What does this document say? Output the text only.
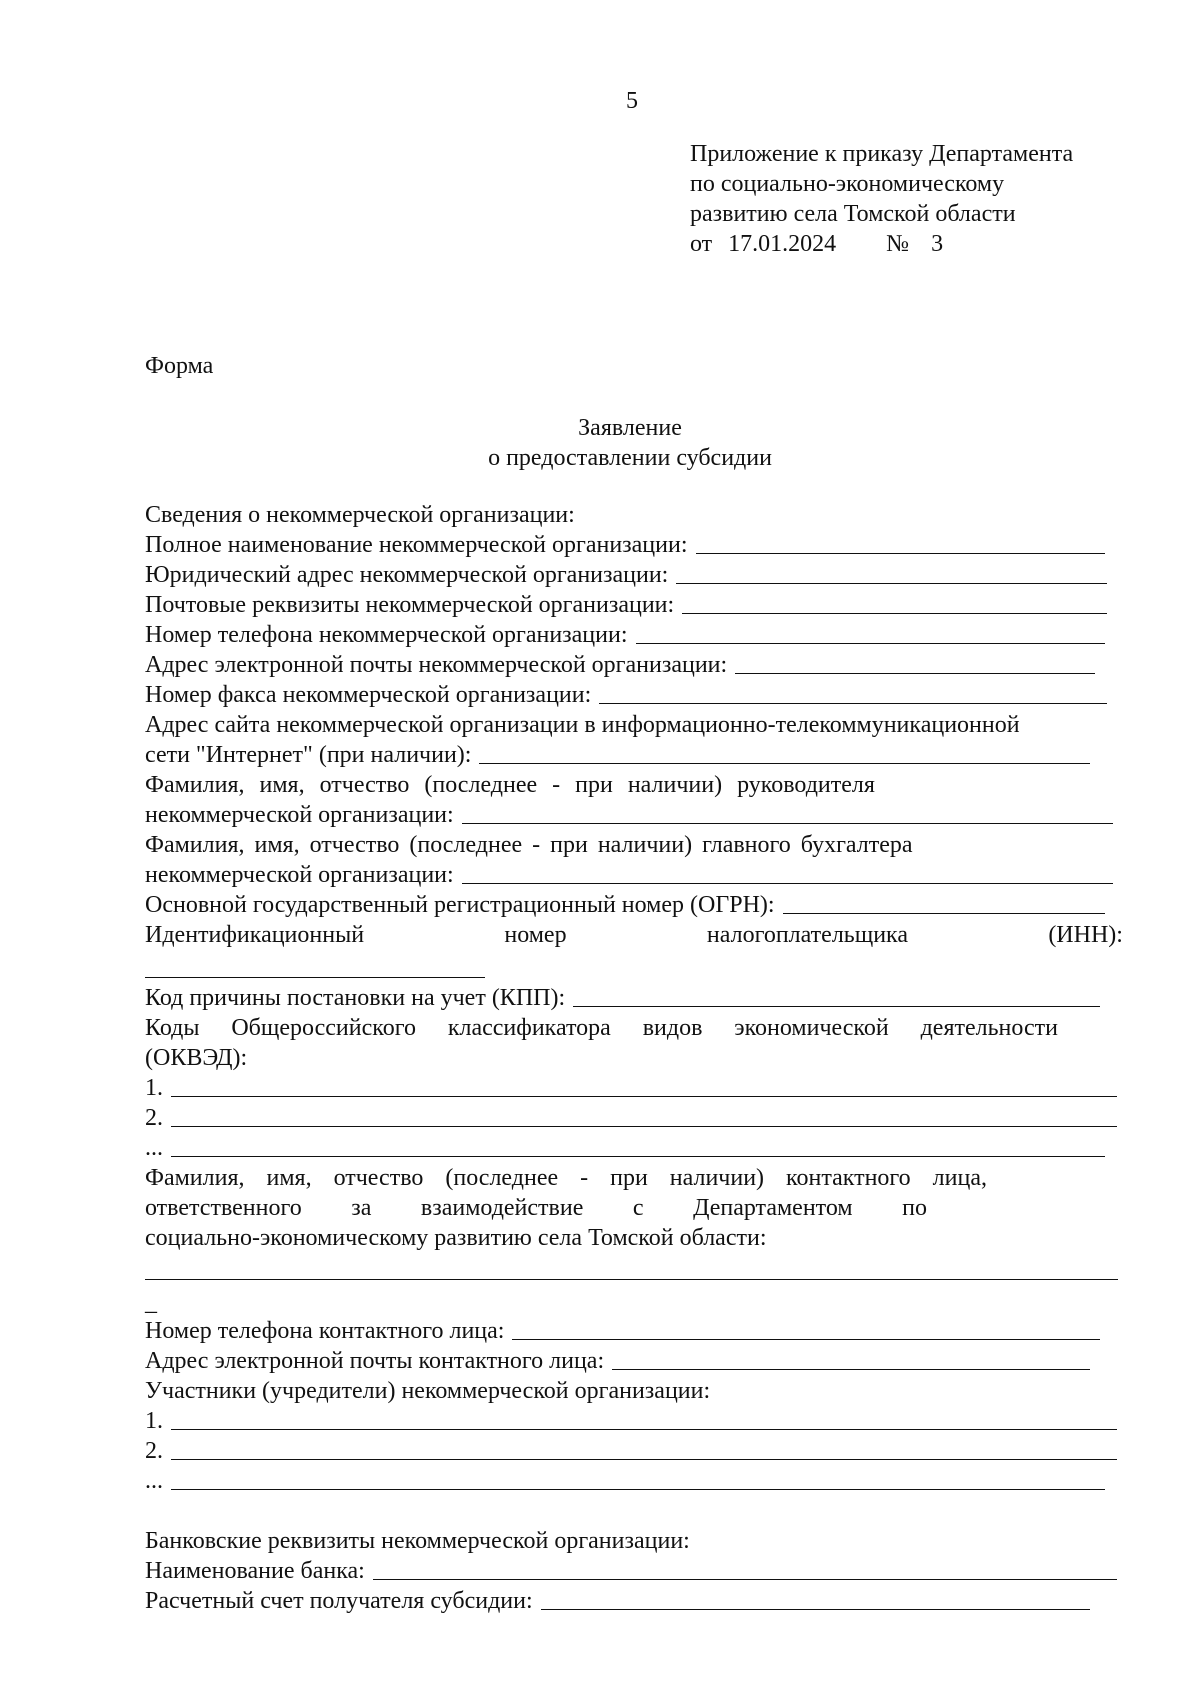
5
Приложение к приказу Департамента
по социально-экономическому
развитию села Томской области
от 17.01.2024 № 3
Форма
Заявление
о предоставлении субсидии
Сведения о некоммерческой организации:
Полное наименование некоммерческой организации:
Юридический адрес некоммерческой организации:
Почтовые реквизиты некоммерческой организации:
Номер телефона некоммерческой организации:
Адрес электронной почты некоммерческой организации:
Номер факса некоммерческой организации:
Адрес сайта некоммерческой организации в информационно-телекоммуникационной
сети "Интернет" (при наличии):
Фамилия, имя, отчество (последнее - при наличии) руководителя
некоммерческой организации:
Фамилия, имя, отчество (последнее - при наличии) главного бухгалтера
некоммерческой организации:
Основной государственный регистрационный номер (ОГРН):
Идентификационный	номер	налогоплательщика	(ИНН):
Код причины постановки на учет (КПП):
Коды Общероссийского классификатора видов экономической деятельности
(ОКВЭД):
1.
2.
...
Фамилия, имя, отчество (последнее - при наличии) контактного лица,
ответственного за взаимодействие с Департаментом по
социально-экономическому развитию села Томской области:
_
Номер телефона контактного лица:
Адрес электронной почты контактного лица:
Участники (учредители) некоммерческой организации:
1.
2.
...
Банковские реквизиты некоммерческой организации:
Наименование банка:
Расчетный счет получателя субсидии:
